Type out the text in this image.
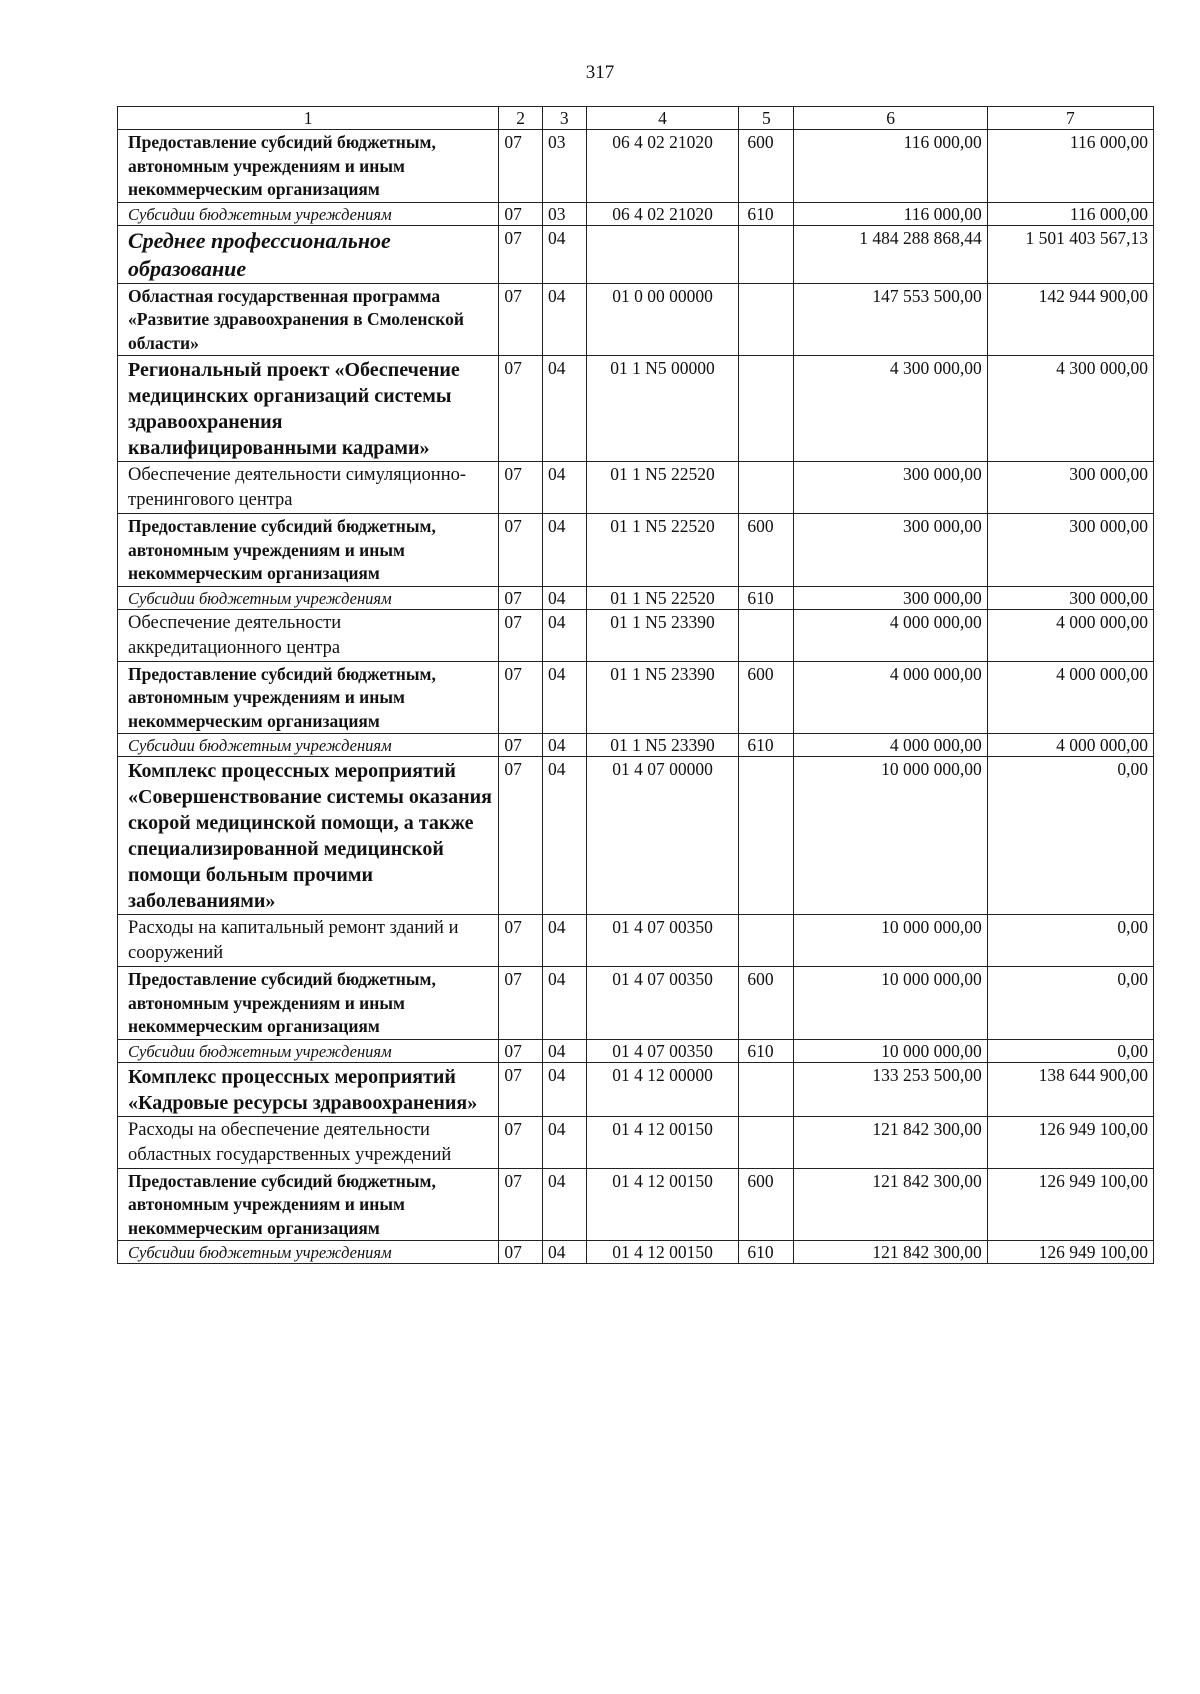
317
1	2	3	4	5	6	7
Предоставление субсидий бюджетным, автономным учреждениям и иным некоммерческим организациям	07	03	06 4 02 21020	600	116 000,00	116 000,00
Субсидии бюджетным учреждениям	07	03	06 4 02 21020	610	116 000,00	116 000,00
Среднее профессиональное образование	07	04			1 484 288 868,44	1 501 403 567,13
Областная государственная программа «Развитие здравоохранения в Смоленской области»	07	04	01 0 00 00000		147 553 500,00	142 944 900,00
Региональный проект «Обеспечение медицинских организаций системы здравоохранения квалифицированными кадрами»	07	04	01 1 N5 00000		4 300 000,00	4 300 000,00
Обеспечение деятельности симуляционно-тренингового центра	07	04	01 1 N5 22520		300 000,00	300 000,00
Предоставление субсидий бюджетным, автономным учреждениям и иным некоммерческим организациям	07	04	01 1 N5 22520	600	300 000,00	300 000,00
Субсидии бюджетным учреждениям	07	04	01 1 N5 22520	610	300 000,00	300 000,00
Обеспечение деятельности аккредитационного центра	07	04	01 1 N5 23390		4 000 000,00	4 000 000,00
Предоставление субсидий бюджетным, автономным учреждениям и иным некоммерческим организациям	07	04	01 1 N5 23390	600	4 000 000,00	4 000 000,00
Субсидии бюджетным учреждениям	07	04	01 1 N5 23390	610	4 000 000,00	4 000 000,00
Комплекс процессных мероприятий «Совершенствование системы оказания скорой медицинской помощи, а также специализированной медицинской помощи больным прочими заболеваниями»	07	04	01 4 07 00000		10 000 000,00	0,00
Расходы на капитальный ремонт зданий и сооружений	07	04	01 4 07 00350		10 000 000,00	0,00
Предоставление субсидий бюджетным, автономным учреждениям и иным некоммерческим организациям	07	04	01 4 07 00350	600	10 000 000,00	0,00
Субсидии бюджетным учреждениям	07	04	01 4 07 00350	610	10 000 000,00	0,00
Комплекс процессных мероприятий «Кадровые ресурсы здравоохранения»	07	04	01 4 12 00000		133 253 500,00	138 644 900,00
Расходы на обеспечение деятельности областных государственных учреждений	07	04	01 4 12 00150		121 842 300,00	126 949 100,00
Предоставление субсидий бюджетным, автономным учреждениям и иным некоммерческим организациям	07	04	01 4 12 00150	600	121 842 300,00	126 949 100,00
Субсидии бюджетным учреждениям	07	04	01 4 12 00150	610	121 842 300,00	126 949 100,00
